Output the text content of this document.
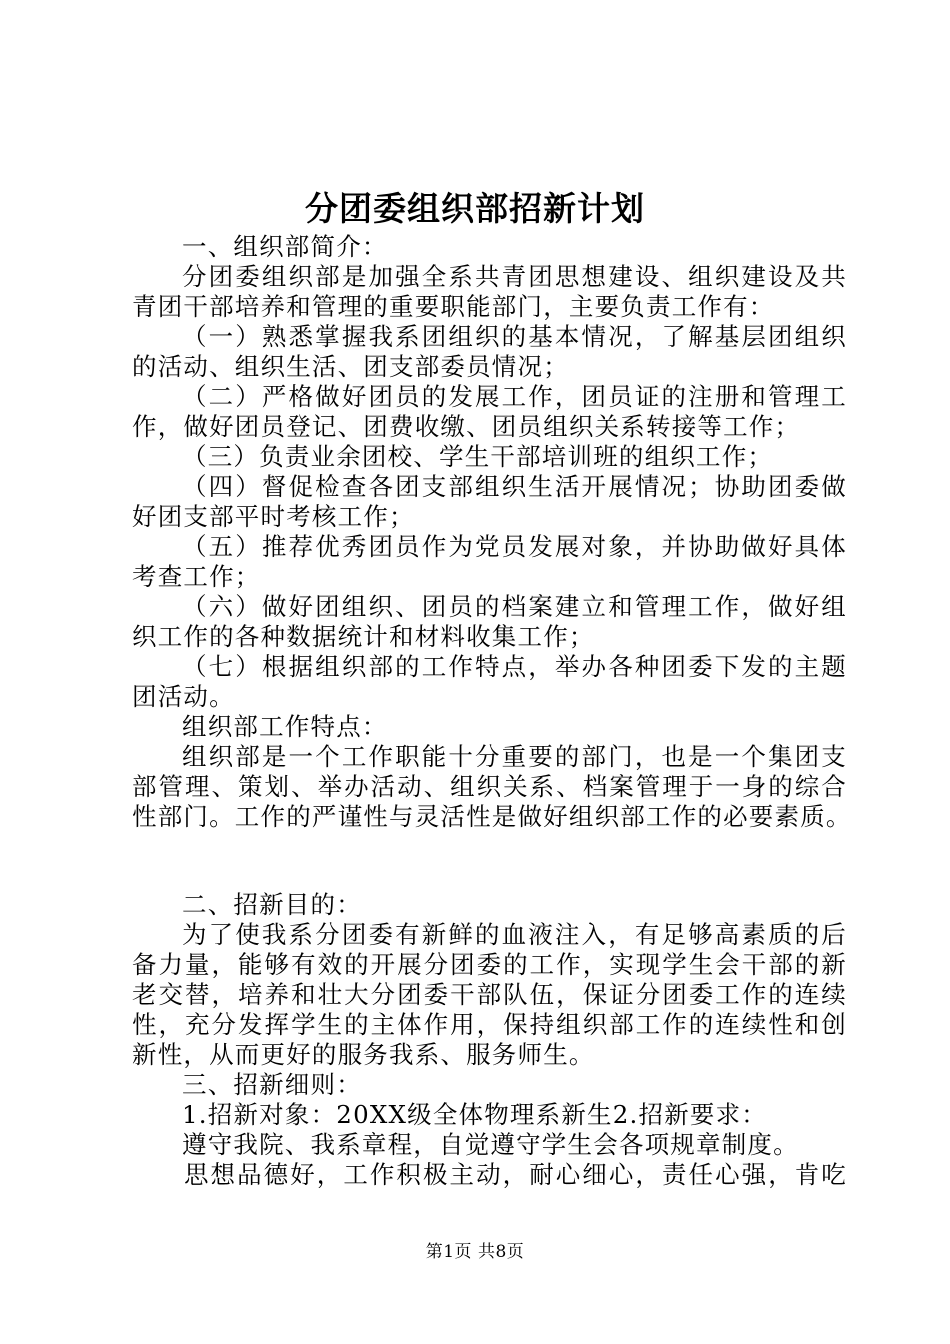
分团委组织部招新计划
一、组织部简介：
分团委组织部是加强全系共青团思想建设、组织建设及共
青团干部培养和管理的重要职能部门，主要负责工作有：
（一）熟悉掌握我系团组织的基本情况，了解基层团组织
的活动、组织生活、团支部委员情况；
（二）严格做好团员的发展工作，团员证的注册和管理工
作，做好团员登记、团费收缴、团员组织关系转接等工作；
（三）负责业余团校、学生干部培训班的组织工作；
（四）督促检查各团支部组织生活开展情况；协助团委做
好团支部平时考核工作；
（五）推荐优秀团员作为党员发展对象，并协助做好具体
考查工作；
（六）做好团组织、团员的档案建立和管理工作，做好组
织工作的各种数据统计和材料收集工作；
（七）根据组织部的工作特点，举办各种团委下发的主题
团活动。
组织部工作特点：
组织部是一个工作职能十分重要的部门，也是一个集团支
部管理、策划、举办活动、组织关系、档案管理于一身的综合
性部门。工作的严谨性与灵活性是做好组织部工作的必要素质。
二、招新目的：
为了使我系分团委有新鲜的血液注入，有足够高素质的后
备力量，能够有效的开展分团委的工作，实现学生会干部的新
老交替，培养和壮大分团委干部队伍，保证分团委工作的连续
性，充分发挥学生的主体作用，保持组织部工作的连续性和创
新性，从而更好的服务我系、服务师生。
三、招新细则：
1.招新对象：20XX级全体物理系新生2.招新要求：
遵守我院、我系章程，自觉遵守学生会各项规章制度。
思想品德好，工作积极主动，耐心细心，责任心强，肯吃
第1页 共8页
